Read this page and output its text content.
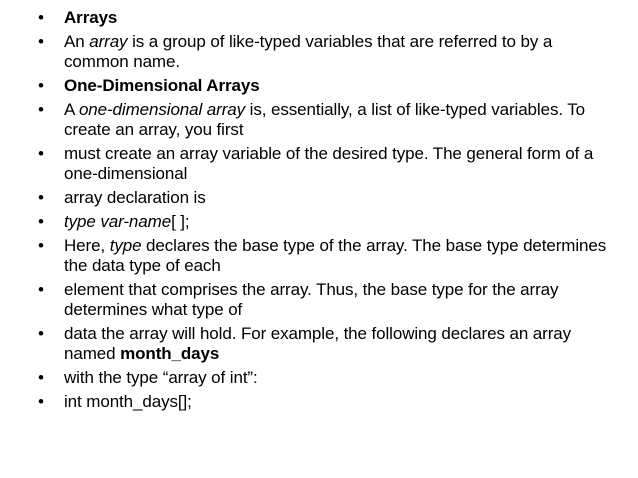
•	Arrays
•	An array is a group of like-typed variables that are referred to by a common name.
•	One-Dimensional Arrays
•	A one-dimensional array is, essentially, a list of like-typed variables. To create an array, you first
•	must create an array variable of the desired type. The general form of a one-dimensional
•	array declaration is
•	type var-name[ ];
•	Here, type declares the base type of the array. The base type determines the data type of each
•	element that comprises the array. Thus, the base type for the array determines what type of
•	data the array will hold. For example, the following declares an array named month_days
•	with the type “array of int”:
•	int month_days[];
